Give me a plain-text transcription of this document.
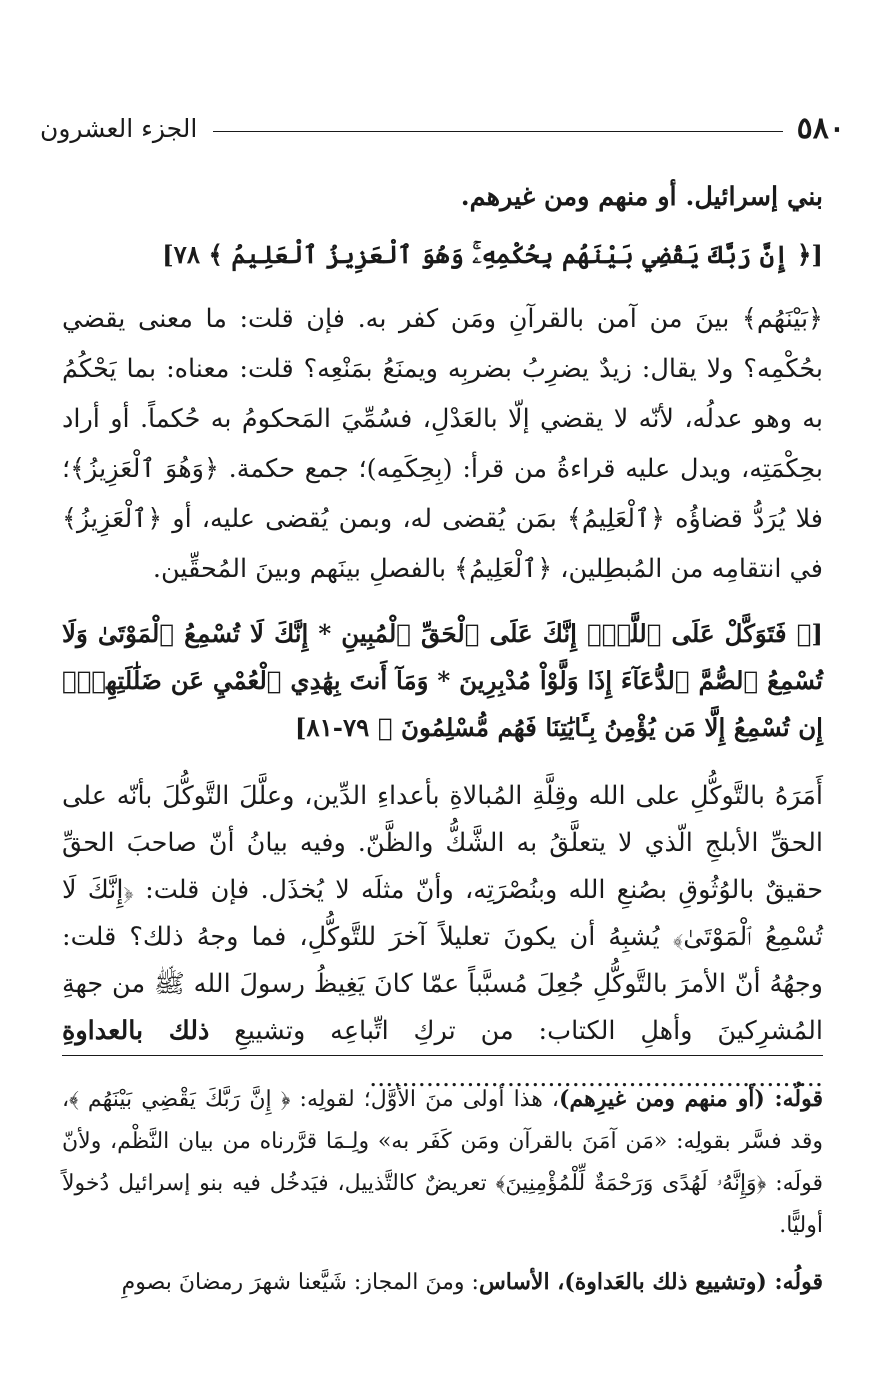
٥٨٠
الجزء العشرون

بني إسرائيل. أو منهم ومن غيرهم.

[﴿ إِنَّ رَبَّكَ يَقْضِي بَيْنَهُم بِحُكْمِهِۦۚ وَهُوَ ٱلْعَزِيزُ ٱلْعَلِيمُ ﴾ ٧٨]

﴿بَيْنَهُم﴾ بينَ من آمن بالقرآنِ ومَن كفر به. فإن قلت: ما معنى يقضي بحُكْمِه؟ ولا يقال: زيدٌ يضرِبُ بضربِه ويمنَعُ بمَنْعِه؟ قلت: معناه: بما يَحْكُمُ به وهو عدلُه، لأنّه لا يقضي إلّا بالعَدْلِ، فسُمِّيَ المَحكومُ به حُكماً. أو أراد بحِكْمَتِه، ويدل عليه قراءةُ من قرأ: (بِحِكَمِه)؛ جمع حكمة. ﴿وَهُوَ ٱلْعَزِيزُ﴾؛ فلا يُرَدُّ قضاؤُه ﴿ٱلْعَلِيمُ﴾ بمَن يُقضى له، وبمن يُقضى عليه، أو ﴿ٱلْعَزِيزُ﴾ في انتقامِه من المُبطِلين، ﴿ٱلْعَلِيمُ﴾ بالفصلِ بينَهم وبينَ المُحقِّين.

[﴿ فَتَوَكَّلْ عَلَى ٱللَّهِۖ إِنَّكَ عَلَى ٱلْحَقِّ ٱلْمُبِينِ * إِنَّكَ لَا تُسْمِعُ ٱلْمَوْتَىٰ وَلَا تُسْمِعُ ٱلصُّمَّ ٱلدُّعَآءَ إِذَا وَلَّوْاْ مُدْبِرِينَ * وَمَآ أَنتَ بِهَٰدِي ٱلْعُمْيِ عَن ضَلَٰلَتِهِمْۖ إِن تُسْمِعُ إِلَّا مَن يُؤْمِنُ بِـَٔايَٰتِنَا فَهُم مُّسْلِمُونَ ﴾ ٧٩-٨١]

أَمَرَهُ بالتَّوكُّلِ على الله وقِلَّةِ المُبالاةِ بأعداءِ الدِّين، وعلَّلَ التَّوكُّلَ بأنّه على الحقِّ الأبلجِ الّذي لا يتعلَّقُ به الشَّكُّ والظَّنّ. وفيه بيانُ أنّ صاحبَ الحقِّ حقيقٌ بالوُثُوقِ بصُنعِ الله وبنُصْرَتِه، وأنّ مثلَه لا يُخذَل. فإن قلت: ﴿إِنَّكَ لَا تُسْمِعُ ٱلْمَوْتَىٰ﴾ يُشبِهُ أن يكونَ تعليلاً آخرَ للتَّوكُّلِ، فما وجهُ ذلك؟ قلت: وجهُهُ أنّ الأمرَ بالتَّوكُّلِ جُعِلَ مُسبَّباً عمّا كانَ يَغِيظُ رسولَ الله ﷺ من جهةِ المُشرِكينَ وأهلِ الكتاب: من تركِ اتِّباعِه وتشييعِ ذلك بالعداوةِ ........................................................

قولُه: (أو منهم ومن غيرِهم)، هذا أولى منَ الأوَّل؛ لقولِه: ﴿ إِنَّ رَبَّكَ يَقْضِي بَيْنَهُم ﴾، وقد فسَّر بقولِه: «مَن آمَنَ بالقرآن ومَن كَفَر به» ولِـمَا قرَّرناه من بيان النَّظْم، ولأنّ قولَه: ﴿وَإِنَّهُۥ لَهُدًى وَرَحْمَةٌ لِّلْمُؤْمِنِينَ﴾ تعريضٌ كالتَّذييل، فيَدخُل فيه بنو إسرائيل دُخولاً أوليًّا.

قولُه: (وتشييع ذلك بالعَداوة)، الأساس: ومنَ المجاز: شَيَّعنا شهرَ رمضانَ بصومِ
